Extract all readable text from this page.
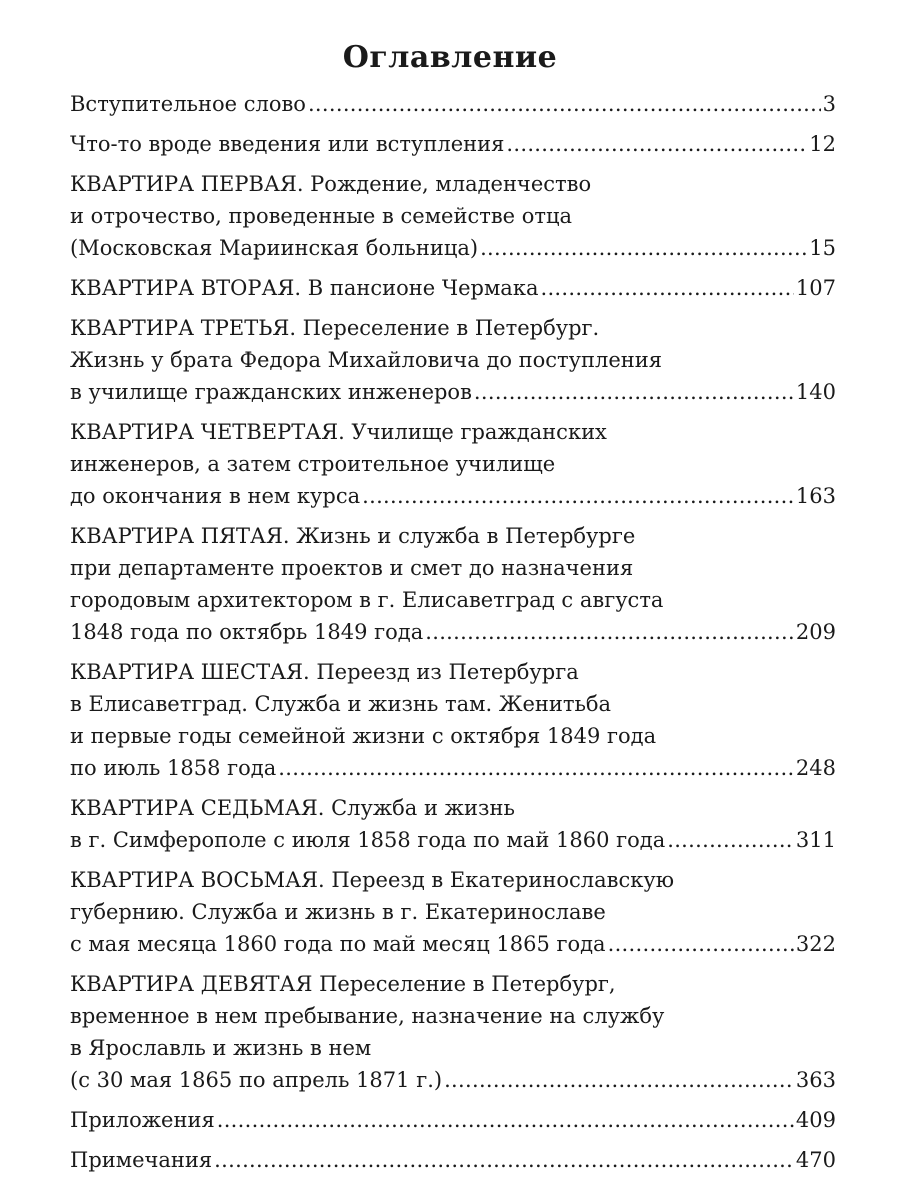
Оглавление
Вступительное слово .....	3
Что-то вроде введения или вступления .....	12
КВАРТИРА ПЕРВАЯ. Рождение, младенчество
и отрочество, проведенные в семействе отца
(Московская Мариинская больница) .....	15
КВАРТИРА ВТОРАЯ. В пансионе Чермака .....	107
КВАРТИРА ТРЕТЬЯ. Переселение в Петербург.
Жизнь у брата Федора Михайловича до поступления
в училище гражданских инженеров .....	140
КВАРТИРА ЧЕТВЕРТАЯ. Училище гражданских
инженеров, а затем строительное училище
до окончания в нем курса .....	163
КВАРТИРА ПЯТАЯ. Жизнь и служба в Петербурге
при департаменте проектов и смет до назначения
городовым архитектором в г. Елисаветград с августа
1848 года по октябрь 1849 года .....	209
КВАРТИРА ШЕСТАЯ. Переезд из Петербурга
в Елисаветград. Служба и жизнь там. Женитьба
и первые годы семейной жизни с октября 1849 года
по июль 1858 года .....	248
КВАРТИРА СЕДЬМАЯ. Служба и жизнь
в г. Симферополе с июля 1858 года по май 1860 года .....	311
КВАРТИРА ВОСЬМАЯ. Переезд в Екатеринославскую
губернию. Служба и жизнь в г. Екатеринославе
с мая месяца 1860 года по май месяц 1865 года .....	322
КВАРТИРА ДЕВЯТАЯ Переселение в Петербург,
временное в нем пребывание, назначение на службу
в Ярославль и жизнь в нем
(с 30 мая 1865 по апрель 1871 г.) .....	363
Приложения .....	409
Примечания .....	470
